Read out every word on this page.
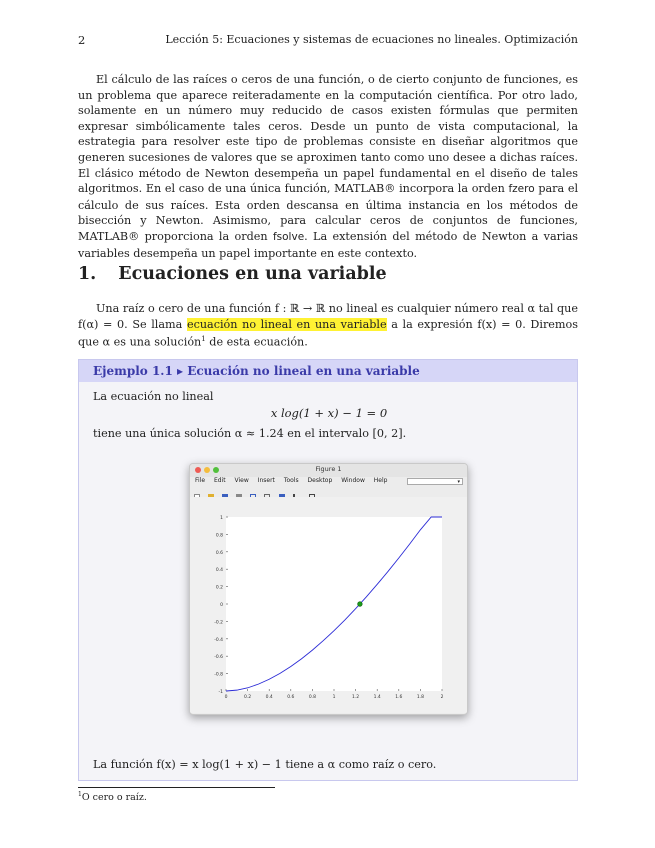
2	Lección 5: Ecuaciones y sistemas de ecuaciones no lineales. Optimización

El cálculo de las raíces o ceros de una función, o de cierto conjunto de funciones, es un problema que aparece reiteradamente en la computación científica. Por otro lado, solamente en un número muy reducido de casos existen fórmulas que permiten expresar simbólicamente tales ceros. Desde un punto de vista computacional, la estrategia para resolver este tipo de problemas consiste en diseñar algoritmos que generen sucesiones de valores que se aproximen tanto como uno desee a dichas raíces. El clásico método de Newton desempeña un papel fundamental en el diseño de tales algoritmos. En el caso de una única función, MATLAB® incorpora la orden fzero para el cálculo de sus raíces. Esta orden descansa en última instancia en los métodos de bisección y Newton. Asimismo, para calcular ceros de conjuntos de funciones, MATLAB® proporciona la orden fsolve. La extensión del método de Newton a varias variables desempeña un papel importante en este contexto.

1. Ecuaciones en una variable

Una raíz o cero de una función f : ℝ → ℝ no lineal es cualquier número real α tal que f(α) = 0. Se llama ecuación no lineal en una variable a la expresión f(x) = 0. Diremos que α es una solución$^1$ de esta ecuación.

Ejemplo 1.1 ▸ Ecuación no lineal en una variable
La ecuación no lineal
x log(1 + x) − 1 = 0
tiene una única solución α ≈ 1.24 en el intervalo [0, 2].
Figure 1
File Edit View Insert Tools Desktop Window Help	▾

-1
-0.8
-0.6
-0.4
-0.2
0
0.2
0.4
0.6
0.8
1
0	0.2	0.4	0.6	0.8	1	1.2	1.4	1.6	1.8	2
La función f(x) = x log(1 + x) − 1 tiene a α como raíz o cero.
$^1$O cero o raíz.
